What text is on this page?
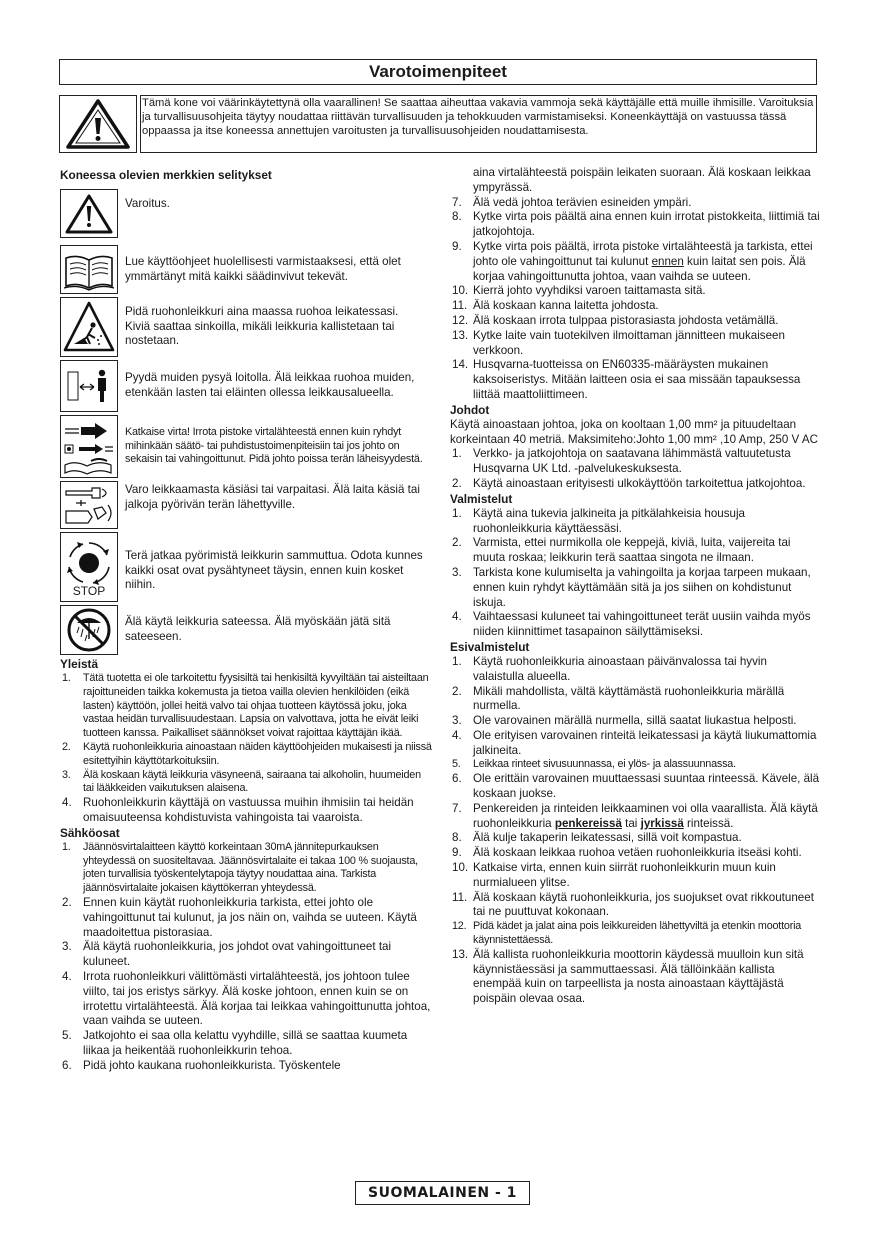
Varotoimenpiteet
Tämä kone voi väärinkäytettynä olla vaarallinen! Se saattaa aiheuttaa vakavia vammoja sekä käyttäjälle että muille ihmisille. Varoituksia ja turvallisuusohjeita täytyy noudattaa riittävän turvallisuuden ja tehokkuuden varmistamiseksi. Koneenkäyttäjä on vastuussa tässä oppaassa ja itse koneessa annettujen varoitusten ja turvallisuusohjeiden noudattamisesta.
Koneessa olevien merkkien selitykset
Varoitus.
Lue käyttöohjeet huolellisesti varmistaaksesi, että olet ymmärtänyt mitä kaikki säädinvivut tekevät.
Pidä ruohonleikkuri aina maassa ruohoa leikatessasi. Kiviä saattaa sinkoilla, mikäli leikkuria kallistetaan tai nostetaan.
Pyydä muiden pysyä loitolla. Älä leikkaa ruohoa muiden, etenkään lasten tai eläinten ollessa leikkausalueella.
Katkaise virta! Irrota pistoke virtalähteestä ennen kuin ryhdyt mihinkään säätö- tai puhdistustoimenpiteisiin tai jos johto on sekaisin tai vahingoittunut. Pidä johto poissa terän läheisyydestä.
Varo leikkaamasta käsiäsi tai varpaitasi. Älä laita käsiä tai jalkoja pyörivän terän lähettyville.
STOP
Terä jatkaa pyörimistä leikkurin sammuttua. Odota kunnes kaikki osat ovat pysähtyneet täysin, ennen kuin kosket niihin.
Älä käytä leikkuria sateessa. Älä myöskään jätä sitä sateeseen.
Yleistä
1. Tätä tuotetta ei ole tarkoitettu fyysisiltä tai henkisiltä kyvyiltään tai aisteiltaan rajoittuneiden taikka kokemusta ja tietoa vailla olevien henkilöiden (eikä lasten) käyttöön, jollei heitä valvo tai ohjaa tuotteen käytössä joku, joka vastaa heidän turvallisuudestaan. Lapsia on valvottava, jotta he eivät leiki tuotteen kanssa. Paikalliset säännökset voivat rajoittaa käyttäjän ikää.
2. Käytä ruohonleikkuria ainoastaan näiden käyttöohjeiden mukaisesti ja niissä esitettyihin käyttötarkoituksiin.
3. Älä koskaan käytä leikkuria väsyneenä, sairaana tai alkoholin, huumeiden tai lääkkeiden vaikutuksen alaisena.
4. Ruohonleikkurin käyttäjä on vastuussa muihin ihmisiin tai heidän omaisuuteensa kohdistuvista vahingoista tai vaaroista.
Sähköosat
1. Jäännösvirtalaitteen käyttö korkeintaan 30mA jännitepurkauksen yhteydessä on suositeltavaa. Jäännösvirtalaite ei takaa 100 % suojausta, joten turvallisia työskentelytapoja täytyy noudattaa aina. Tarkista jäännösvirtalaite jokaisen käyttökerran yhteydessä.
2. Ennen kuin käytät ruohonleikkuria tarkista, ettei johto ole vahingoittunut tai kulunut, ja jos näin on, vaihda se uuteen. Käytä maadoitettua pistorasiaa.
3. Älä käytä ruohonleikkuria, jos johdot ovat vahingoittuneet tai kuluneet.
4. Irrota ruohonleikkuri välittömästi virtalähteestä, jos johtoon tulee viilto, tai jos eristys särkyy. Älä koske johtoon, ennen kuin se on irrotettu virtalähteestä. Älä korjaa tai leikkaa vahingoittunutta johtoa, vaan vaihda se uuteen.
5. Jatkojohto ei saa olla kelattu vyyhdille, sillä se saattaa kuumeta liikaa ja heikentää ruohonleikkurin tehoa.
6. Pidä johto kaukana ruohonleikkurista. Työskentele
aina virtalähteestä poispäin leikaten suoraan. Älä koskaan leikkaa ympyrässä.
7. Älä vedä johtoa terävien esineiden ympäri.
8. Kytke virta pois päältä aina ennen kuin irrotat pistokkeita, liittimiä tai jatkojohtoja.
9. Kytke virta pois päältä, irrota pistoke virtalähteestä ja tarkista, ettei johto ole vahingoittunut tai kulunut ennen kuin laitat sen pois. Älä korjaa vahingoittunutta johtoa, vaan vaihda se uuteen.
10. Kierrä johto vyyhdiksi varoen taittamasta sitä.
11. Älä koskaan kanna laitetta johdosta.
12. Älä koskaan irrota tulppaa pistorasiasta johdosta vetämällä.
13. Kytke laite vain tuotekilven ilmoittaman jännitteen mukaiseen verkkoon.
14. Husqvarna-tuotteissa on EN60335-määräysten mukainen kaksoiseristys. Mitään laitteen osia ei saa missään tapauksessa liittää maattoliittimeen.
Johdot
Käytä ainoastaan johtoa, joka on kooltaan 1,00 mm² ja pituudeltaan korkeintaan 40 metriä. Maksimiteho:Johto 1,00 mm² ,10 Amp, 250 V AC
1. Verkko- ja jatkojohtoja on saatavana lähimmästä valtuutetusta Husqvarna UK Ltd. -palvelukeskuksesta.
2. Käytä ainoastaan erityisesti ulkokäyttöön tarkoitettua jatkojohtoa.
Valmistelut
1. Käytä aina tukevia jalkineita ja pitkälahkeisia housuja ruohonleikkuria käyttäessäsi.
2. Varmista, ettei nurmikolla ole keppejä, kiviä, luita, vaijereita tai muuta roskaa; leikkurin terä saattaa singota ne ilmaan.
3. Tarkista kone kulumiselta ja vahingoilta ja korjaa tarpeen mukaan, ennen kuin ryhdyt käyttämään sitä ja jos siihen on kohdistunut iskuja.
4. Vaihtaessasi kuluneet tai vahingoittuneet terät uusiin vaihda myös niiden kiinnittimet tasapainon säilyttämiseksi.
Esivalmistelut
1. Käytä ruohonleikkuria ainoastaan päivänvalossa tai hyvin valaistulla alueella.
2. Mikäli mahdollista, vältä käyttämästä ruohonleikkuria märällä nurmella.
3. Ole varovainen märällä nurmella, sillä saatat liukastua helposti.
4. Ole erityisen varovainen rinteitä leikatessasi ja käytä liukumattomia jalkineita.
5. Leikkaa rinteet sivusuunnassa, ei ylös- ja alassuunnassa.
6. Ole erittäin varovainen muuttaessasi suuntaa rinteessä. Kävele, älä koskaan juokse.
7. Penkereiden ja rinteiden leikkaaminen voi olla vaarallista. Älä käytä ruohonleikkuria penkereissä tai jyrkissä rinteissä.
8. Älä kulje takaperin leikatessasi, sillä voit kompastua.
9. Älä koskaan leikkaa ruohoa vetäen ruohonleikkuria itseäsi kohti.
10. Katkaise virta, ennen kuin siirrät ruohonleikkurin muun kuin nurmialueen ylitse.
11. Älä koskaan käytä ruohonleikkuria, jos suojukset ovat rikkoutuneet tai ne puuttuvat kokonaan.
12. Pidä kädet ja jalat aina pois leikkureiden lähettyviltä ja etenkin moottoria käynnistettäessä.
13. Älä kallista ruohonleikkuria moottorin käydessä muulloin kun sitä käynnistäessäsi ja sammuttaessasi. Älä tällöinkään kallista enempää kuin on tarpeellista ja nosta ainoastaan käyttäjästä poispäin olevaa osaa.
SUOMALAINEN - 1
